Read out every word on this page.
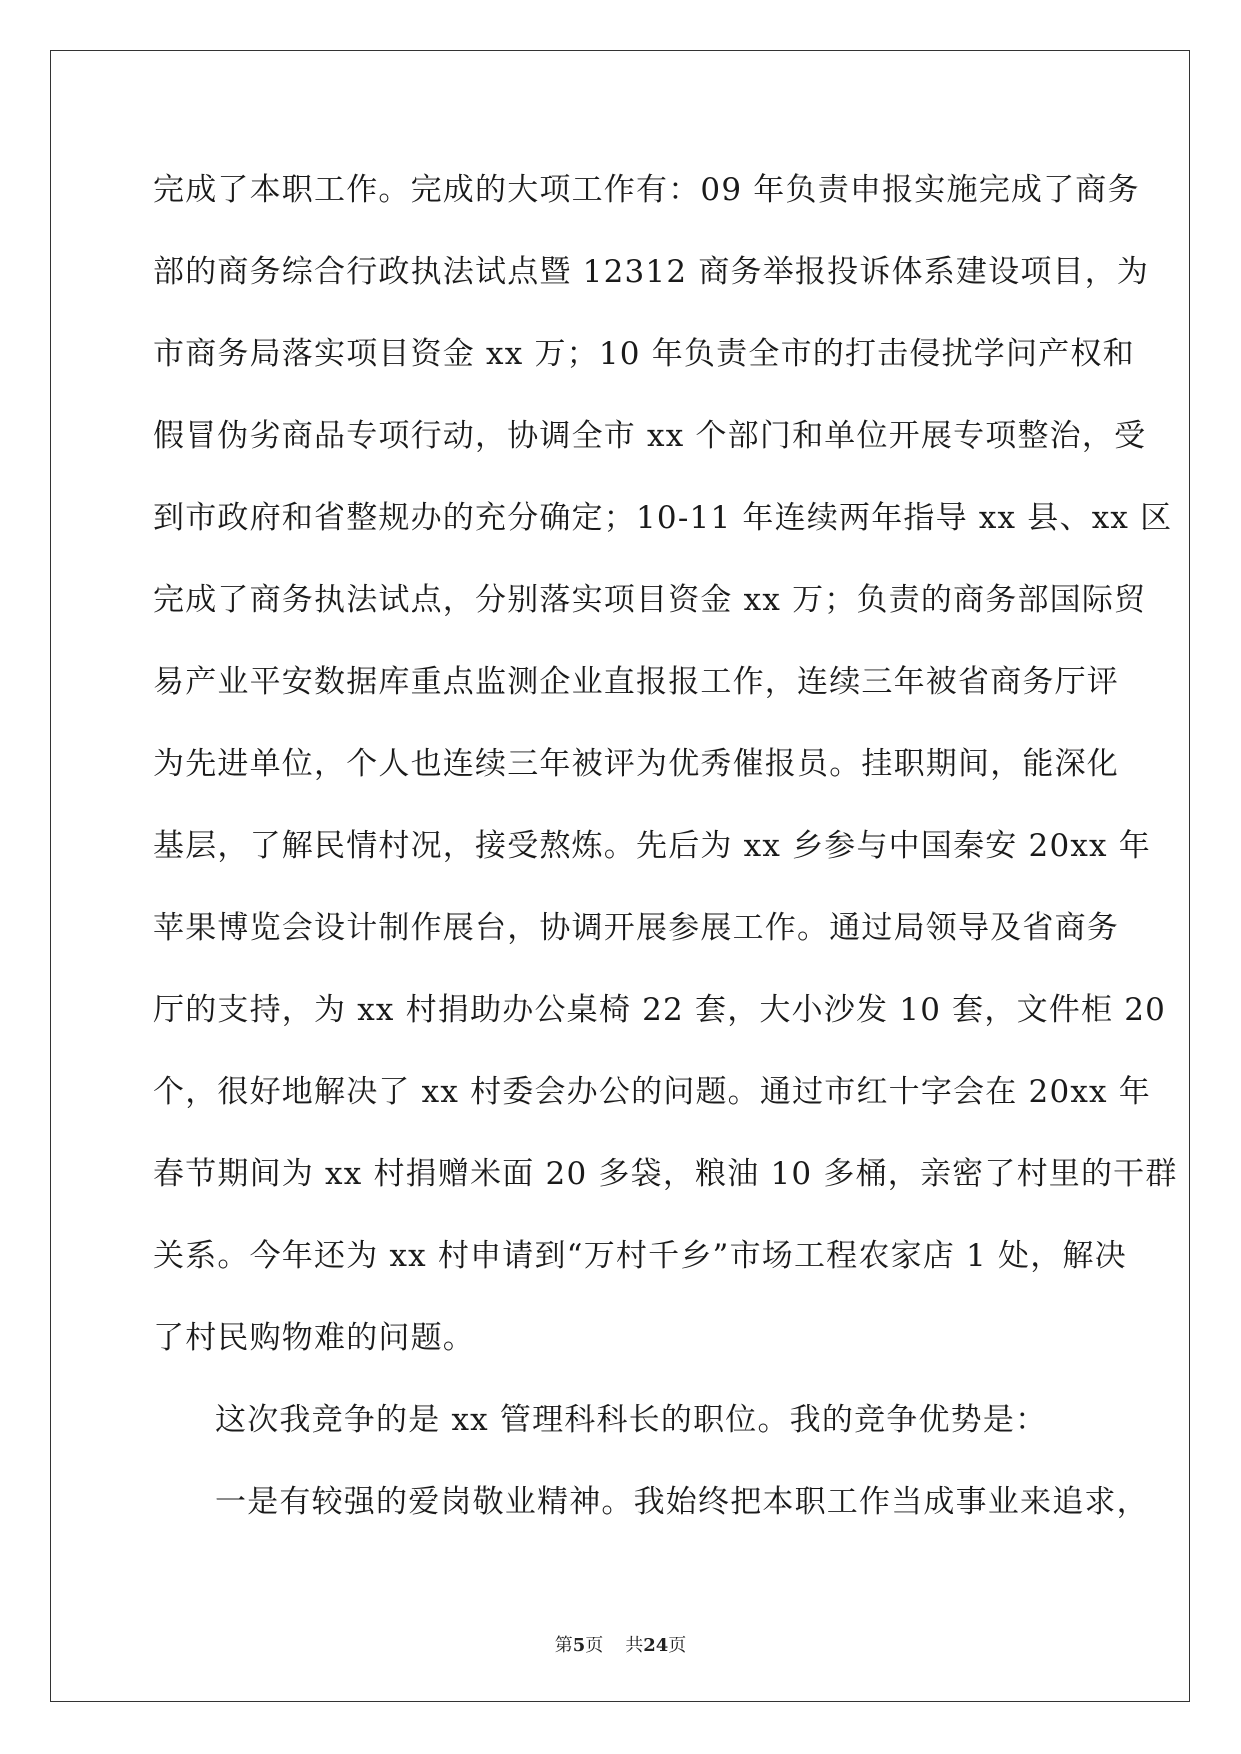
完成了本职工作。完成的大项工作有：09 年负责申报实施完成了商务
部的商务综合行政执法试点暨 12312 商务举报投诉体系建设项目，为
市商务局落实项目资金 xx 万；10 年负责全市的打击侵扰学问产权和
假冒伪劣商品专项行动，协调全市 xx 个部门和单位开展专项整治，受
到市政府和省整规办的充分确定；10-11 年连续两年指导 xx 县、xx 区
完成了商务执法试点，分别落实项目资金 xx 万；负责的商务部国际贸
易产业平安数据库重点监测企业直报报工作，连续三年被省商务厅评
为先进单位，个人也连续三年被评为优秀催报员。挂职期间，能深化
基层，了解民情村况，接受熬炼。先后为 xx 乡参与中国秦安 20xx 年
苹果博览会设计制作展台，协调开展参展工作。通过局领导及省商务
厅的支持，为 xx 村捐助办公桌椅 22 套，大小沙发 10 套，文件柜 20
个，很好地解决了 xx 村委会办公的问题。通过市红十字会在 20xx 年
春节期间为 xx 村捐赠米面 20 多袋，粮油 10 多桶，亲密了村里的干群
关系。今年还为 xx 村申请到“万村千乡”市场工程农家店 1 处，解决
了村民购物难的问题。
这次我竞争的是 xx 管理科科长的职位。我的竞争优势是：
一是有较强的爱岗敬业精神。我始终把本职工作当成事业来追求，
第5页 共24页
